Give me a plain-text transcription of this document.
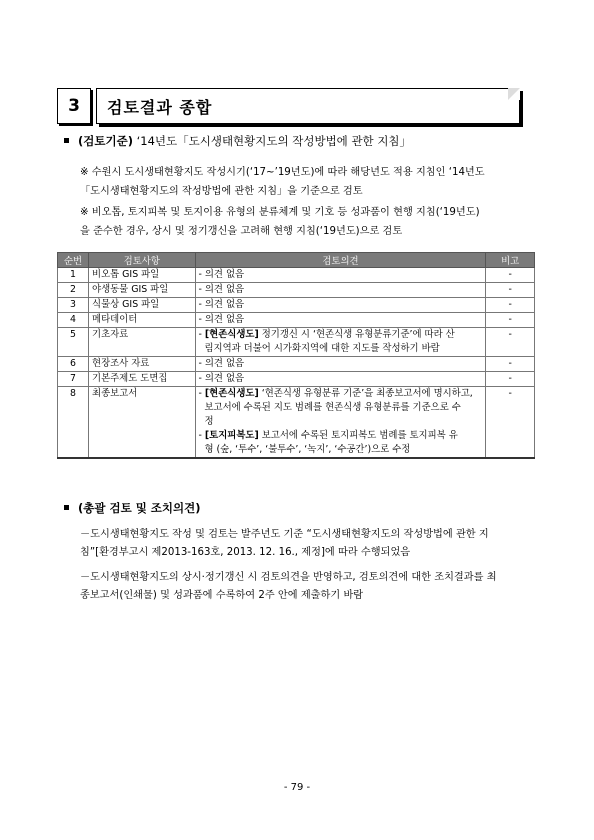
3	검토결과 종합
(검토기준) ‘14년도「도시생태현황지도의 작성방법에 관한 지침」
※ 수원시 도시생태현황지도 작성시기(‘17~’19년도)에 따라 해당년도 적용 지침인 ‘14년도
「도시생태현황지도의 작성방법에 관한 지침」을 기준으로 검토
※ 비오톱, 토지피복 및 토지이용 유형의 분류체계 및 기호 등 성과품이 현행 지침(‘19년도)
을 준수한 경우, 상시 및 정기갱신을 고려해 현행 지침(‘19년도)으로 검토
순번	검토사항	검토의견	비고
1	비오톱 GIS 파일	- 의견 없음	-
2	야생동물 GIS 파일	- 의견 없음	-
3	식물상 GIS 파일	- 의견 없음	-
4	메타데이터	- 의견 없음	-
5	기초자료	- [현존식생도] 정기갱신 시 ‘현존식생 유형분류기준’에 따라 산
림지역과 더불어 시가화지역에 대한 지도를 작성하기 바람	-
6	현장조사 자료	- 의견 없음	-
7	기본주제도 도면집	- 의견 없음	-
8	최종보고서	- [현존식생도] ‘현존식생 유형분류 기준’을 최종보고서에 명시하고,
보고서에 수록된 지도 범례를 현존식생 유형분류를 기준으로 수
정
- [토지피복도] 보고서에 수록된 토지피복도 범례를 토지피복 유
형 (숲, ‘투수’, ‘불투수’, ‘녹지’, ‘수공간’)으로 수정	-
(총괄 검토 및 조치의견)
－도시생태현황지도 작성 및 검토는 발주년도 기준 “도시생태현황지도의 작성방법에 관한 지
침”[환경부고시 제2013-163호, 2013. 12. 16., 제정]에 따라 수행되었음
－도시생태현황지도의 상시·정기갱신 시 검토의견을 반영하고, 검토의견에 대한 조치결과를 최
종보고서(인쇄물) 및 성과품에 수록하여 2주 안에 제출하기 바람
- 79 -
